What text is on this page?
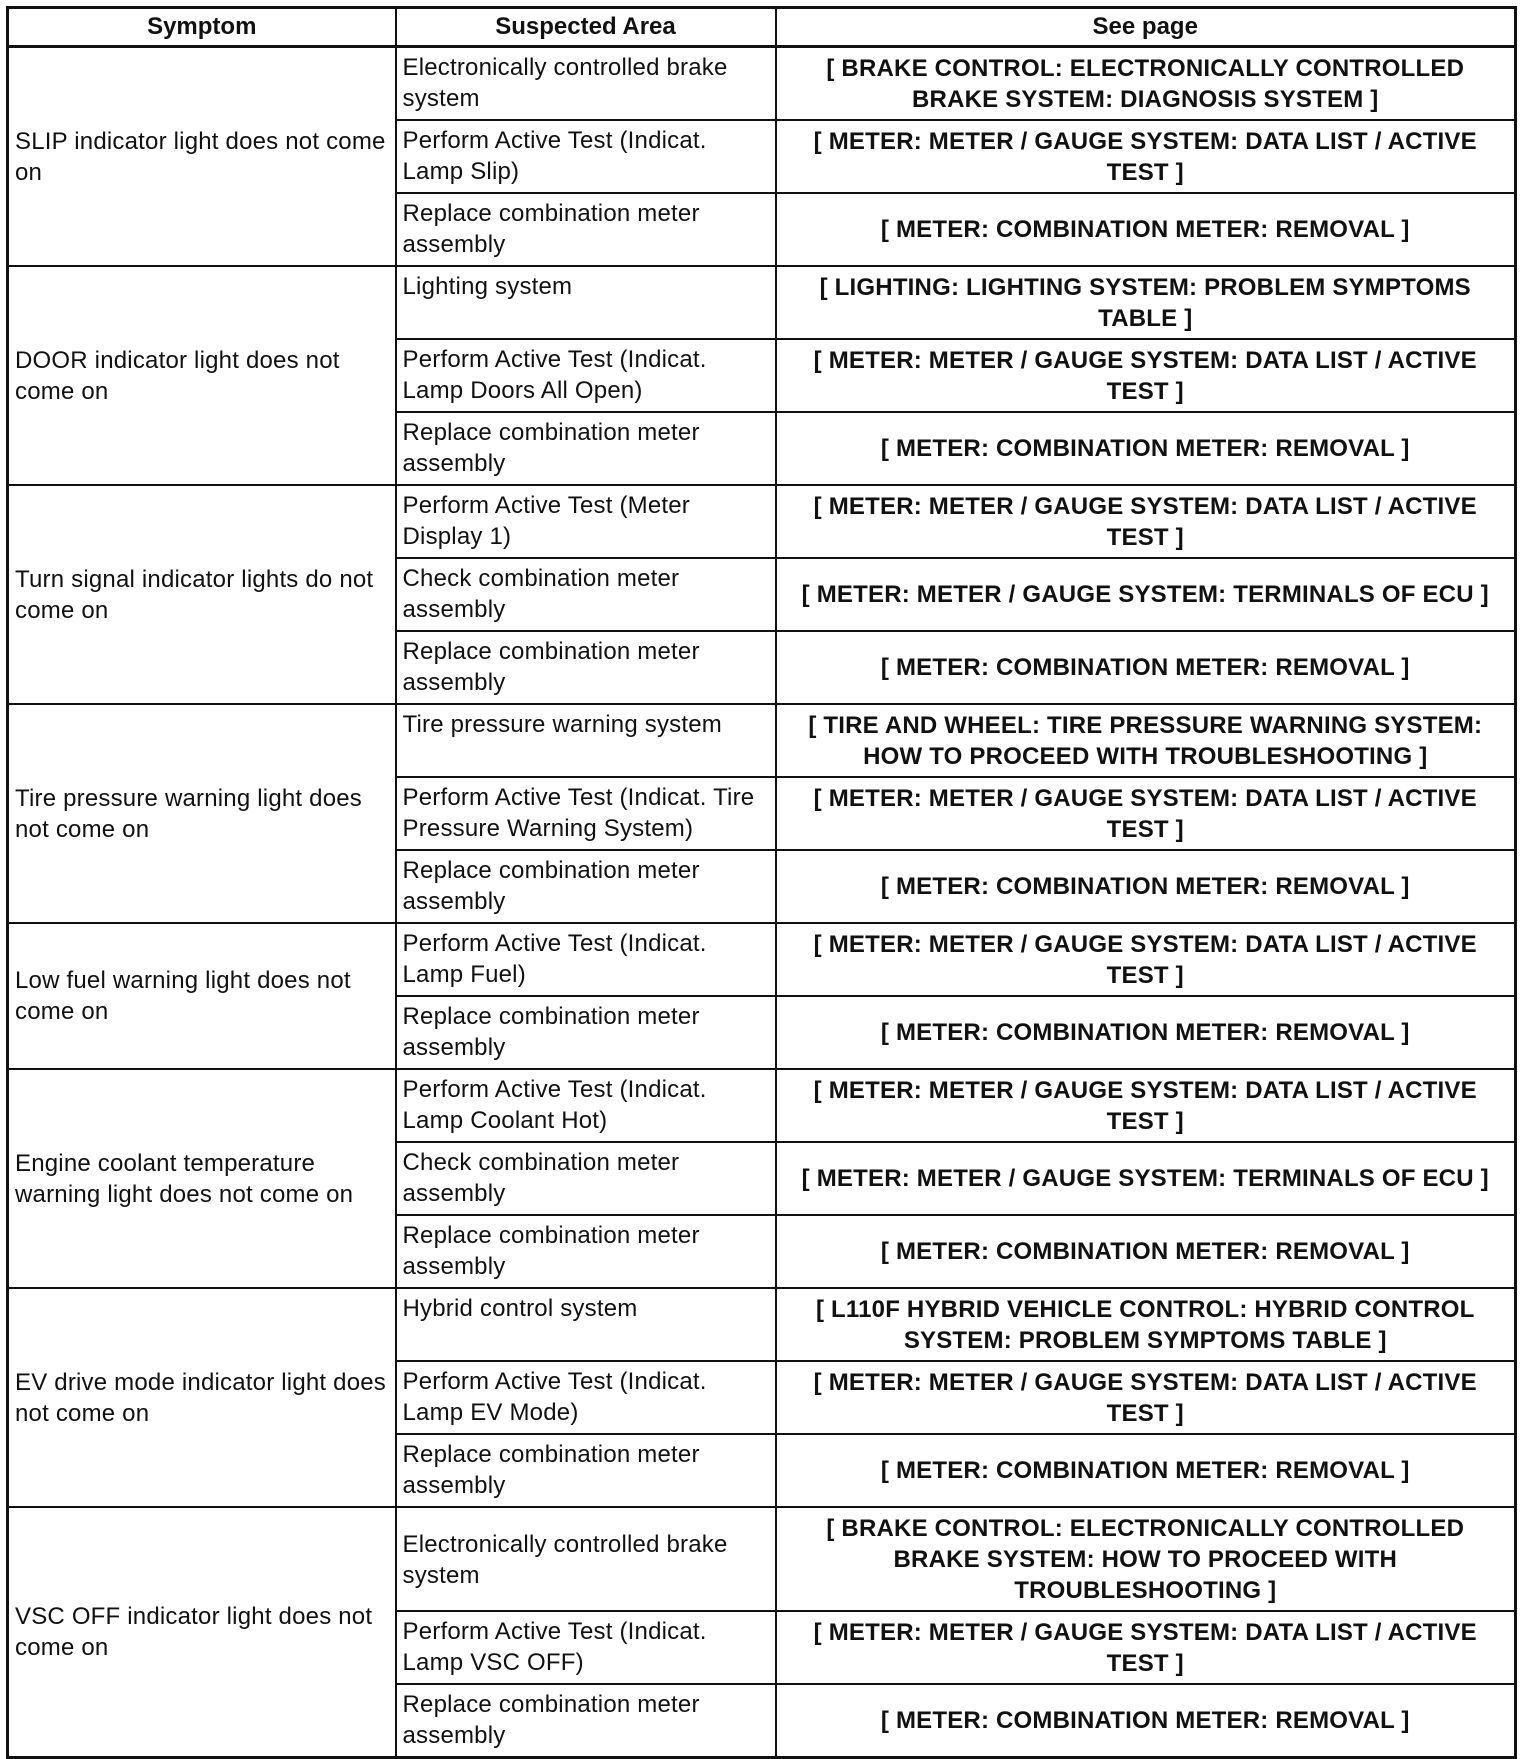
Symptom	Suspected Area	See page
SLIP indicator light does not come on	Electronically controlled brake system	[ BRAKE CONTROL: ELECTRONICALLY CONTROLLED BRAKE SYSTEM: DIAGNOSIS SYSTEM ]
	Perform Active Test (Indicat. Lamp Slip)	[ METER: METER / GAUGE SYSTEM: DATA LIST / ACTIVE TEST ]
	Replace combination meter assembly	[ METER: COMBINATION METER: REMOVAL ]
DOOR indicator light does not come on	Lighting system	[ LIGHTING: LIGHTING SYSTEM: PROBLEM SYMPTOMS TABLE ]
	Perform Active Test (Indicat. Lamp Doors All Open)	[ METER: METER / GAUGE SYSTEM: DATA LIST / ACTIVE TEST ]
	Replace combination meter assembly	[ METER: COMBINATION METER: REMOVAL ]
Turn signal indicator lights do not come on	Perform Active Test (Meter Display 1)	[ METER: METER / GAUGE SYSTEM: DATA LIST / ACTIVE TEST ]
	Check combination meter assembly	[ METER: METER / GAUGE SYSTEM: TERMINALS OF ECU ]
	Replace combination meter assembly	[ METER: COMBINATION METER: REMOVAL ]
Tire pressure warning light does not come on	Tire pressure warning system	[ TIRE AND WHEEL: TIRE PRESSURE WARNING SYSTEM: HOW TO PROCEED WITH TROUBLESHOOTING ]
	Perform Active Test (Indicat. Tire Pressure Warning System)	[ METER: METER / GAUGE SYSTEM: DATA LIST / ACTIVE TEST ]
	Replace combination meter assembly	[ METER: COMBINATION METER: REMOVAL ]
Low fuel warning light does not come on	Perform Active Test (Indicat. Lamp Fuel)	[ METER: METER / GAUGE SYSTEM: DATA LIST / ACTIVE TEST ]
	Replace combination meter assembly	[ METER: COMBINATION METER: REMOVAL ]
Engine coolant temperature warning light does not come on	Perform Active Test (Indicat. Lamp Coolant Hot)	[ METER: METER / GAUGE SYSTEM: DATA LIST / ACTIVE TEST ]
	Check combination meter assembly	[ METER: METER / GAUGE SYSTEM: TERMINALS OF ECU ]
	Replace combination meter assembly	[ METER: COMBINATION METER: REMOVAL ]
EV drive mode indicator light does not come on	Hybrid control system	[ L110F HYBRID VEHICLE CONTROL: HYBRID CONTROL SYSTEM: PROBLEM SYMPTOMS TABLE ]
	Perform Active Test (Indicat. Lamp EV Mode)	[ METER: METER / GAUGE SYSTEM: DATA LIST / ACTIVE TEST ]
	Replace combination meter assembly	[ METER: COMBINATION METER: REMOVAL ]
VSC OFF indicator light does not come on	Electronically controlled brake system	[ BRAKE CONTROL: ELECTRONICALLY CONTROLLED BRAKE SYSTEM: HOW TO PROCEED WITH TROUBLESHOOTING ]
	Perform Active Test (Indicat. Lamp VSC OFF)	[ METER: METER / GAUGE SYSTEM: DATA LIST / ACTIVE TEST ]
	Replace combination meter assembly	[ METER: COMBINATION METER: REMOVAL ]
